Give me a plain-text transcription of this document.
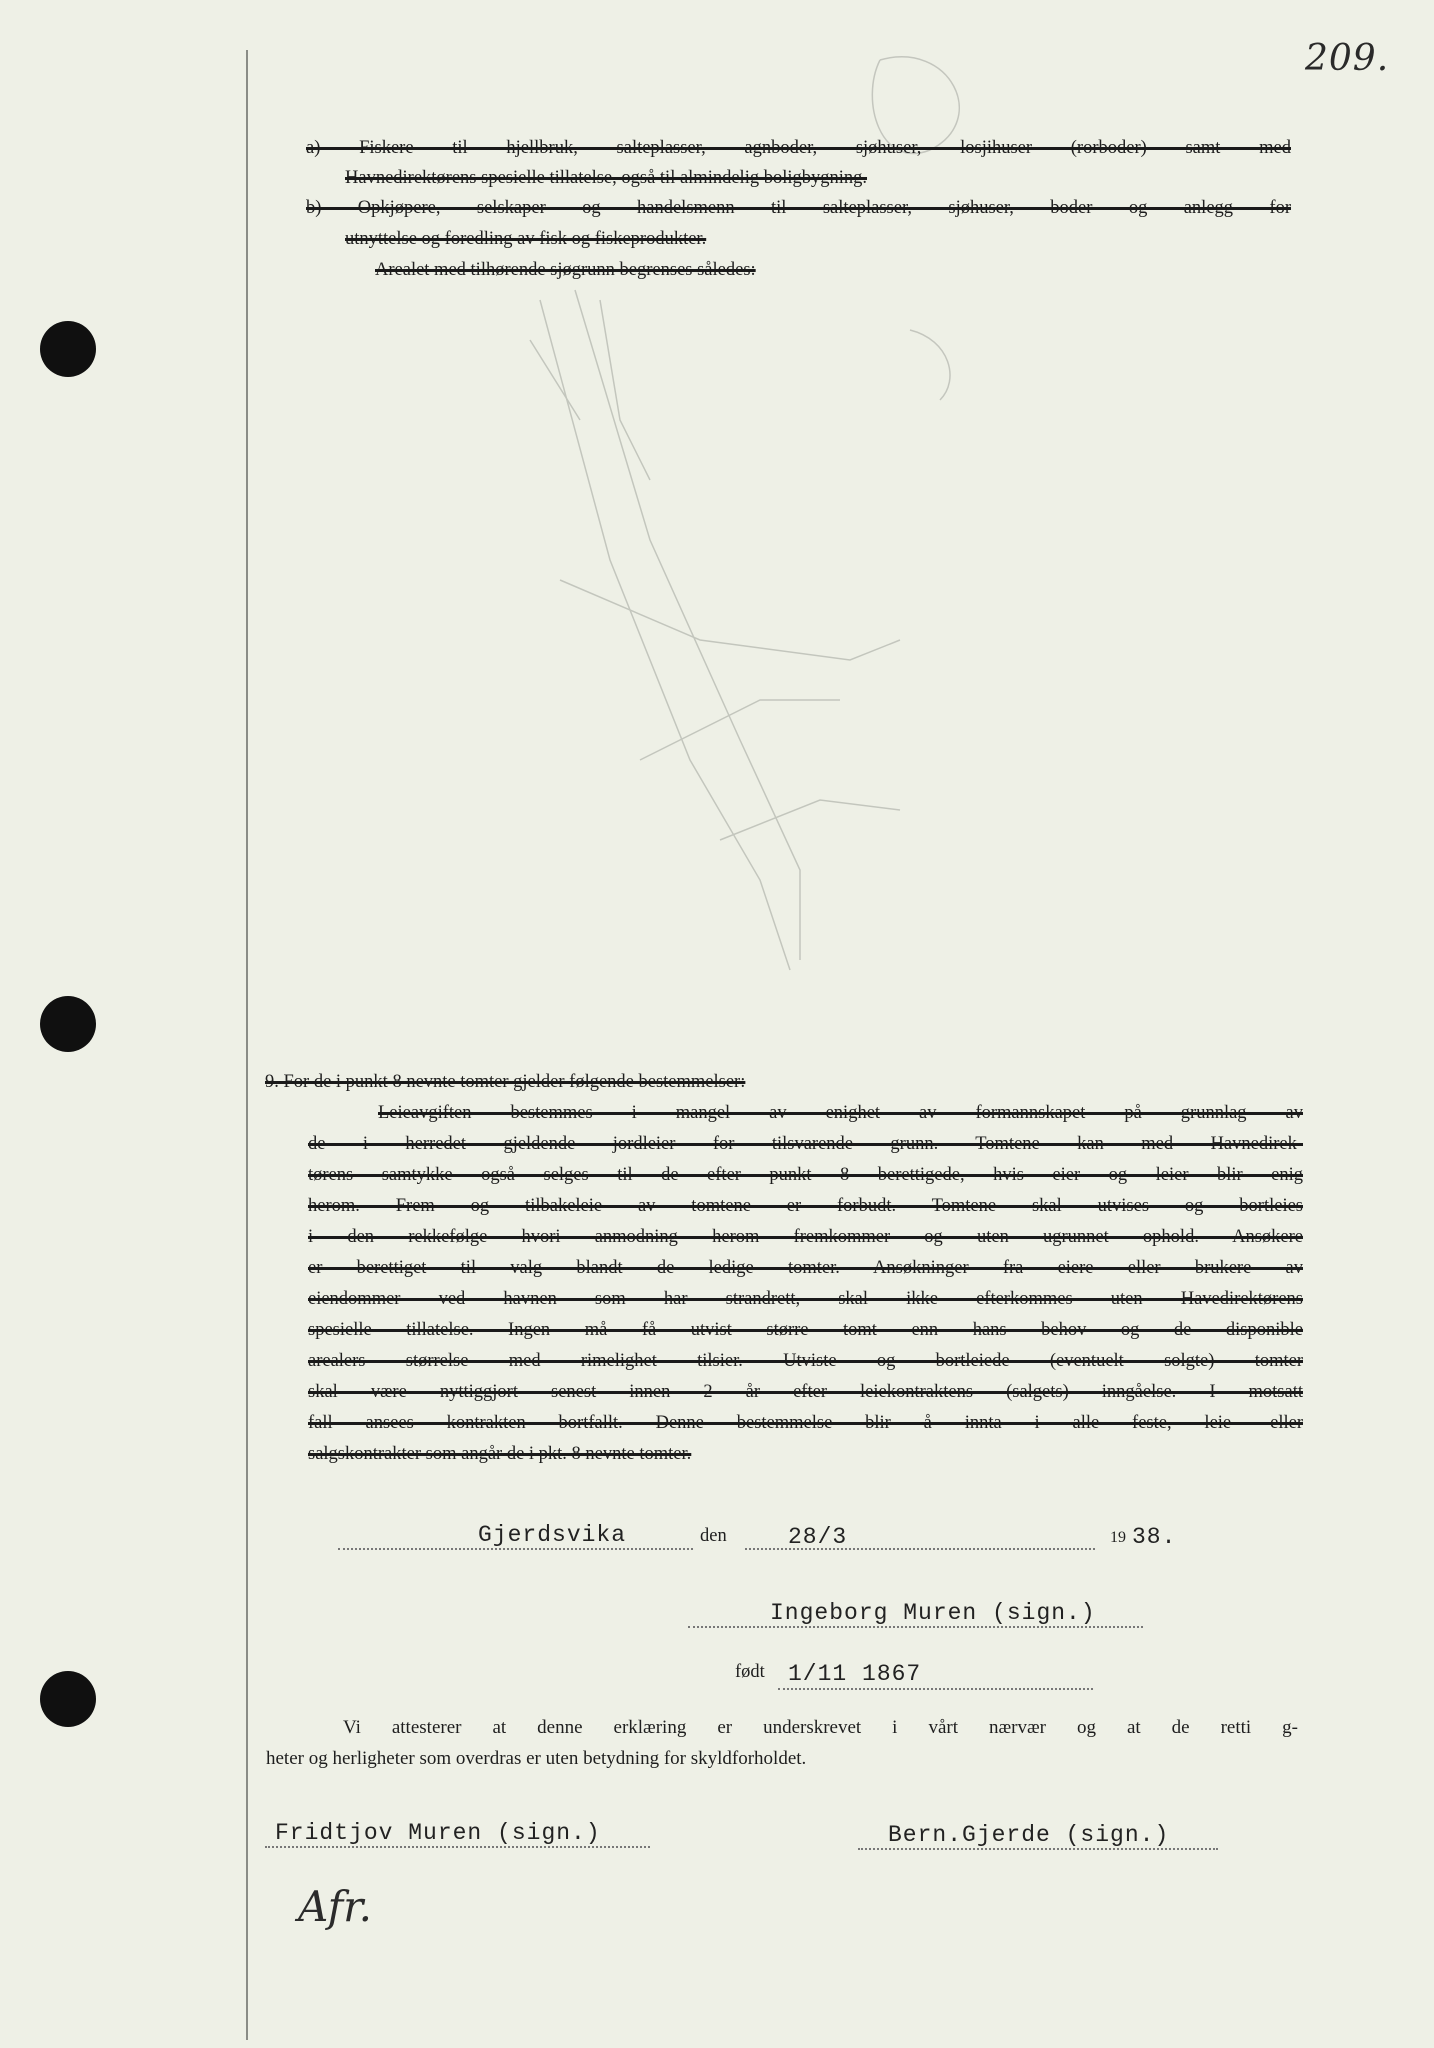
209.
a) Fiskere til hjellbruk, salteplasser, agnboder, sjøhuser, losjihuser (rorboder) samt med
Havnedirektørens spesielle tillatelse, også til almindelig boligbygning.
b) Opkjøpere, selskaper og handelsmenn til salteplasser, sjøhuser, boder og anlegg for
utnyttelse og foredling av fisk og fiskeprodukter.
Arealet med tilhørende sjøgrunn begrenses således:
9. For de i punkt 8 nevnte tomter gjelder følgende bestemmelser:
Leieavgiften bestemmes i mangel av enighet av formannskapet på grunnlag av
de i herredet gjeldende jordleier for tilsvarende grunn. Tomtene kan med Havnedirek-
tørens samtykke også selges til de efter punkt 8 berettigede, hvis eier og leier blir enig
herom. Frem og tilbakeleie av tomtene er forbudt. Tomtene skal utvises og bortleies
i den rekkefølge hvori anmodning herom fremkommer og uten ugrunnet ophold. Ansøkere
er berettiget til valg blandt de ledige tomter. Ansøkninger fra eiere eller brukere av
eiendommer ved havnen som har strandrett, skal ikke efterkommes uten Havedirektørens
spesielle tillatelse. Ingen må få utvist større tomt enn hans behov og de disponible
arealers størrelse med rimelighet tilsier. Utviste og bortleiede (eventuelt solgte) tomter
skal være nyttiggjort senest innen 2 år efter leiekontraktens (salgets) inngåelse. I motsatt
fall ansees kontrakten bortfallt. Denne bestemmelse blir å innta i alle feste, leie- eller
salgskontrakter som angår de i pkt. 8 nevnte tomter.
Gjerdsvika	den	28/3	19 38.
Ingeborg Muren (sign.)
født 1/11 1867
Vi attesterer at denne erklæring er underskrevet i vårt nærvær og at de retti g-
heter og herligheter som overdras er uten betydning for skyldforholdet.
Fridtjov Muren (sign.)	Bern.Gjerde (sign.)
Afr.
